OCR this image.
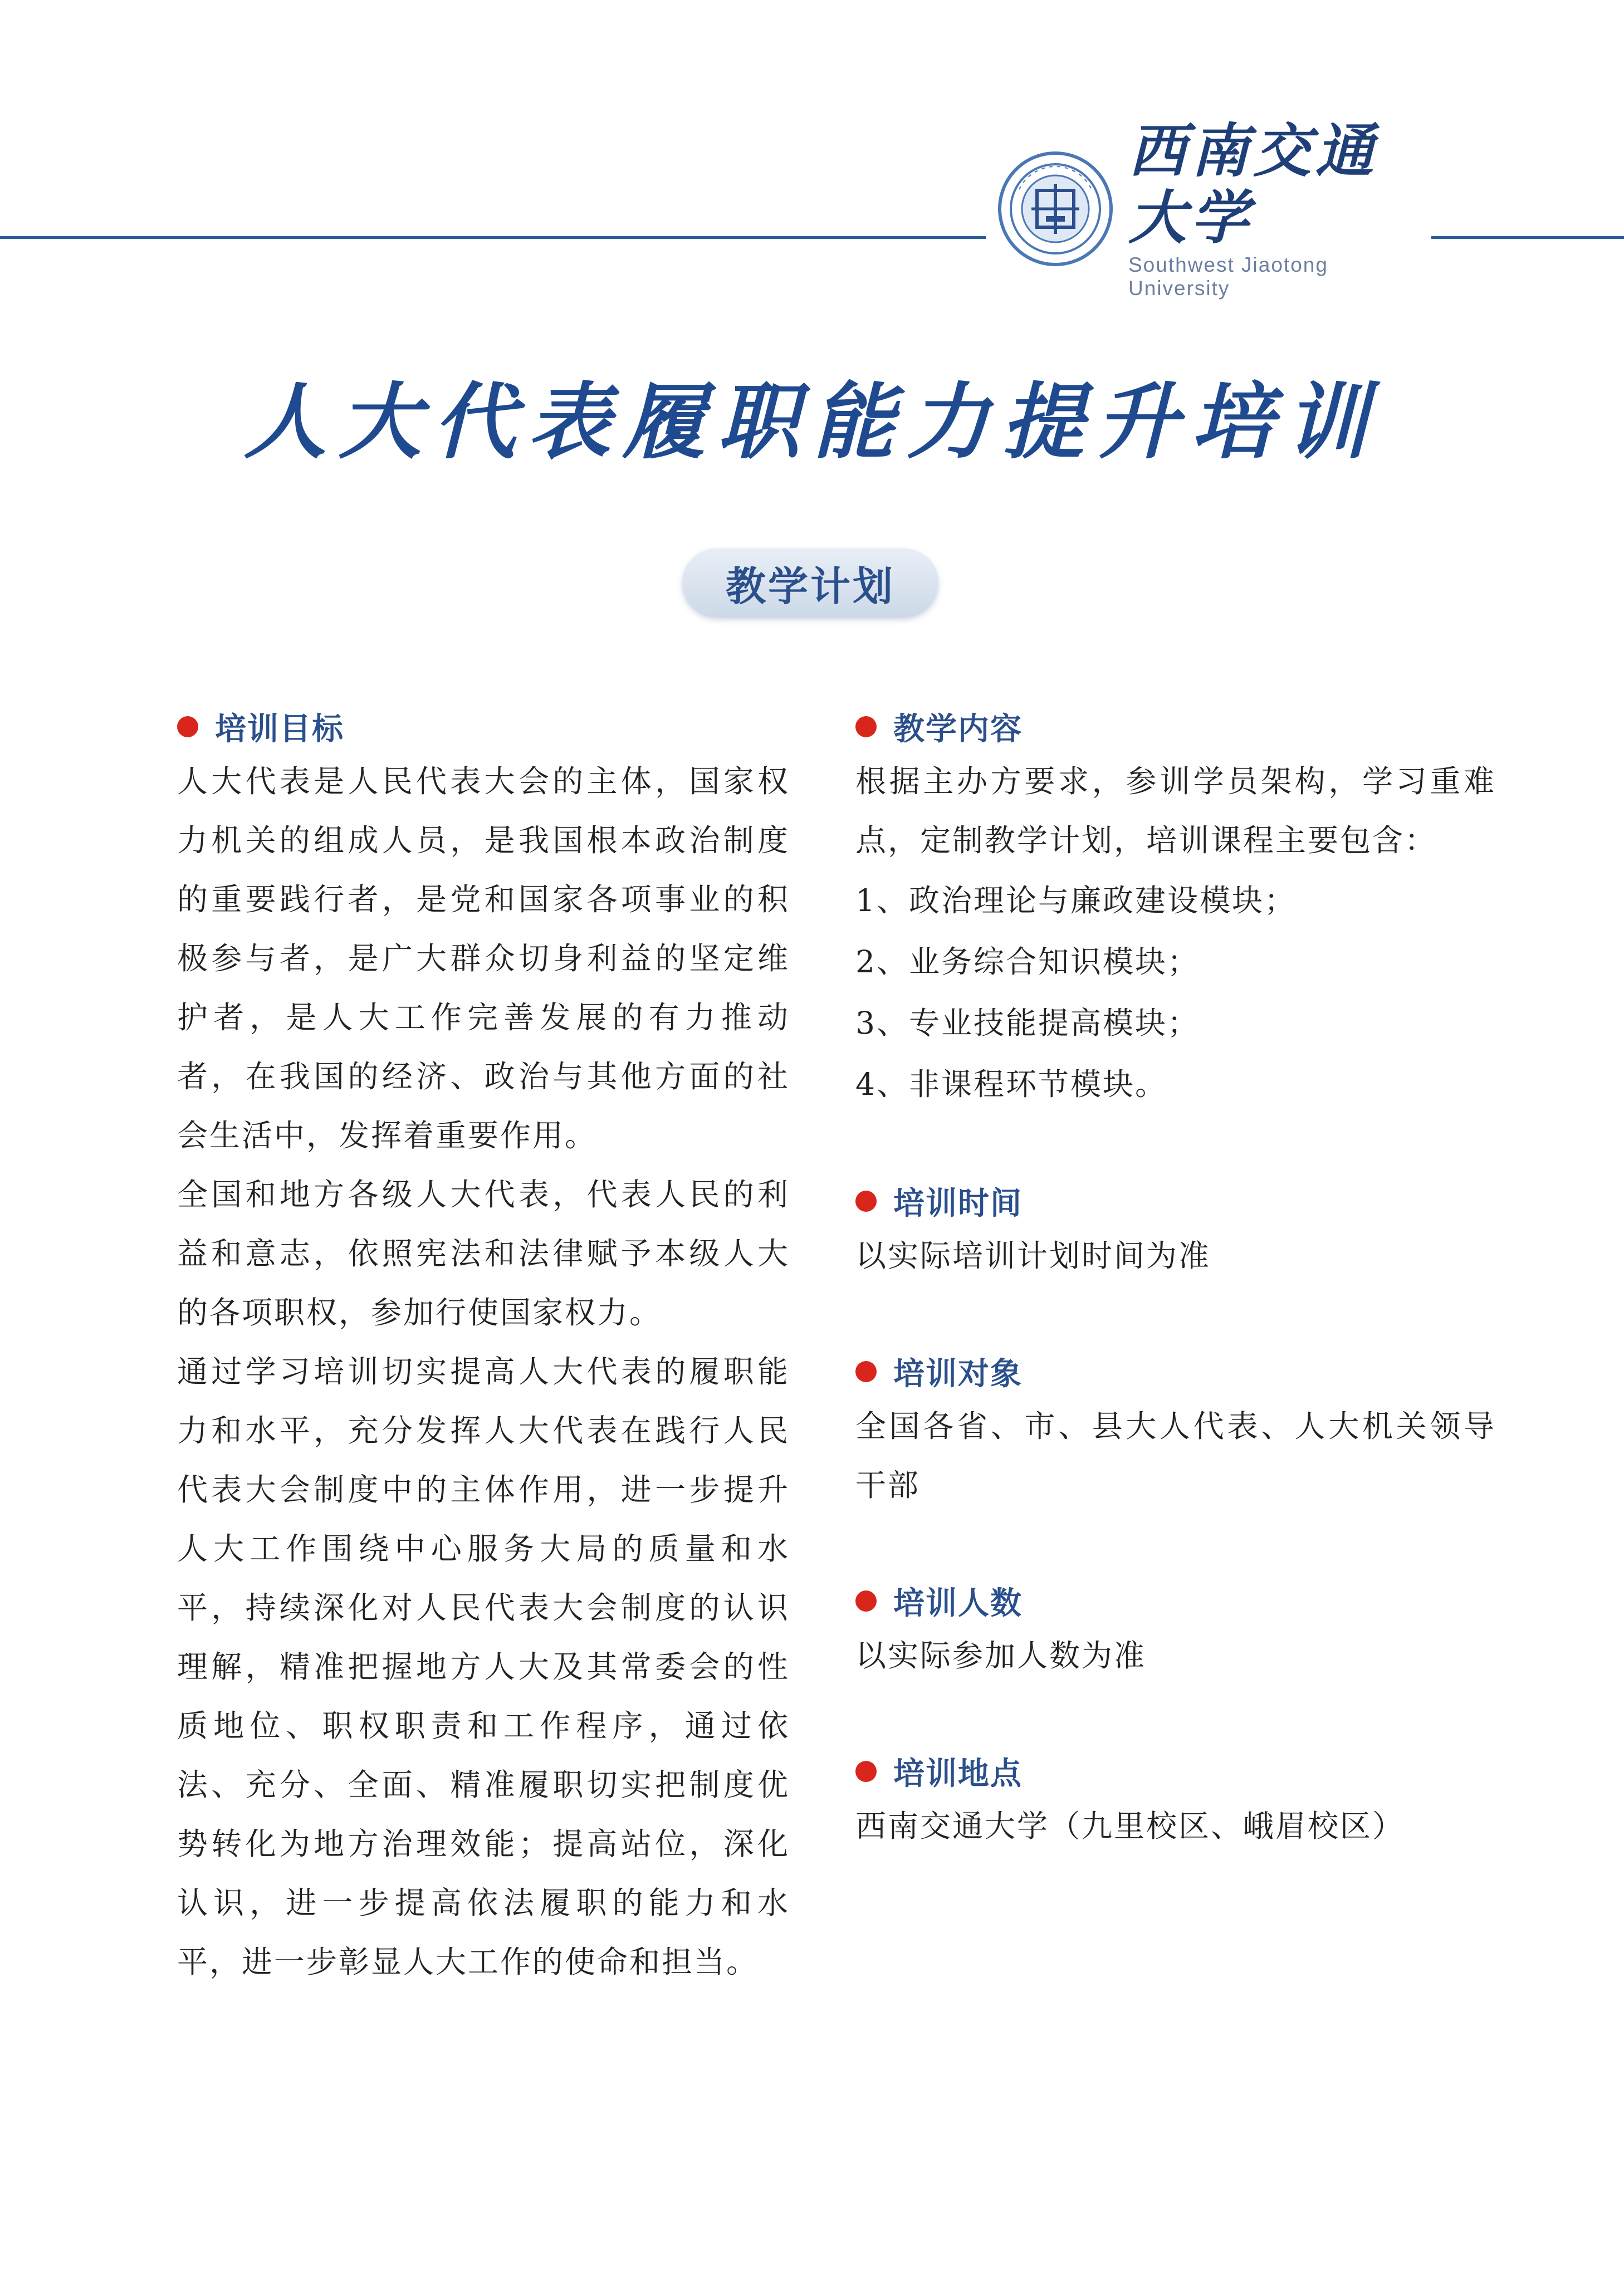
西南交通大学
Southwest Jiaotong University
人大代表履职能力提升培训
教学计划
培训目标

人大代表是人民代表大会的主体，国家权力机关的组成人员，是我国根本政治制度的重要践行者，是党和国家各项事业的积极参与者，是广大群众切身利益的坚定维护者，是人大工作完善发展的有力推动者，在我国的经济、政治与其他方面的社会生活中，发挥着重要作用。

全国和地方各级人大代表，代表人民的利益和意志，依照宪法和法律赋予本级人大的各项职权，参加行使国家权力。

通过学习培训切实提高人大代表的履职能力和水平，充分发挥人大代表在践行人民代表大会制度中的主体作用，进一步提升人大工作围绕中心服务大局的质量和水平，持续深化对人民代表大会制度的认识理解，精准把握地方人大及其常委会的性质地位、职权职责和工作程序，通过依法、充分、全面、精准履职切实把制度优势转化为地方治理效能；提高站位，深化认识，进一步提高依法履职的能力和水平，进一步彰显人大工作的使命和担当。

教学内容

根据主办方要求，参训学员架构，学习重难点，定制教学计划，培训课程主要包含：

1、政治理论与廉政建设模块；
2、业务综合知识模块；
3、专业技能提高模块；
4、非课程环节模块。
培训时间

以实际培训计划时间为准

培训对象

全国各省、市、县大人代表、人大机关领导干部

培训人数

以实际参加人数为准

培训地点

西南交通大学（九里校区、峨眉校区）
